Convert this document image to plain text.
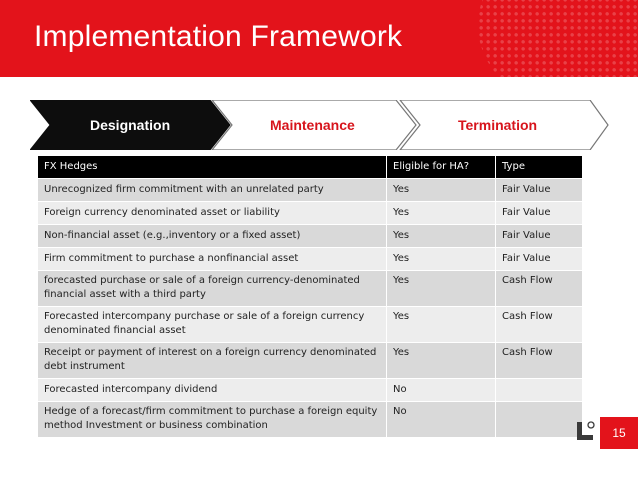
Implementation Framework
Designation	Maintenance	Termination
FX Hedges	Eligible for HA?	Type
Unrecognized firm commitment with an unrelated party	Yes	Fair Value
Foreign currency denominated asset or liability	Yes	Fair Value
Non-financial asset (e.g.,inventory or a fixed asset)	Yes	Fair Value
Firm commitment to purchase a nonfinancial asset	Yes	Fair Value
forecasted purchase or sale of a foreign currency-denominated financial asset with a third party	Yes	Cash Flow
Forecasted intercompany purchase or sale of a foreign currency denominated financial asset	Yes	Cash Flow
Receipt or payment of interest on a foreign currency denominated debt instrument	Yes	Cash Flow
Forecasted intercompany dividend	No	
Hedge of a forecast/firm commitment to purchase a foreign equity method Investment or business combination	No	
15
